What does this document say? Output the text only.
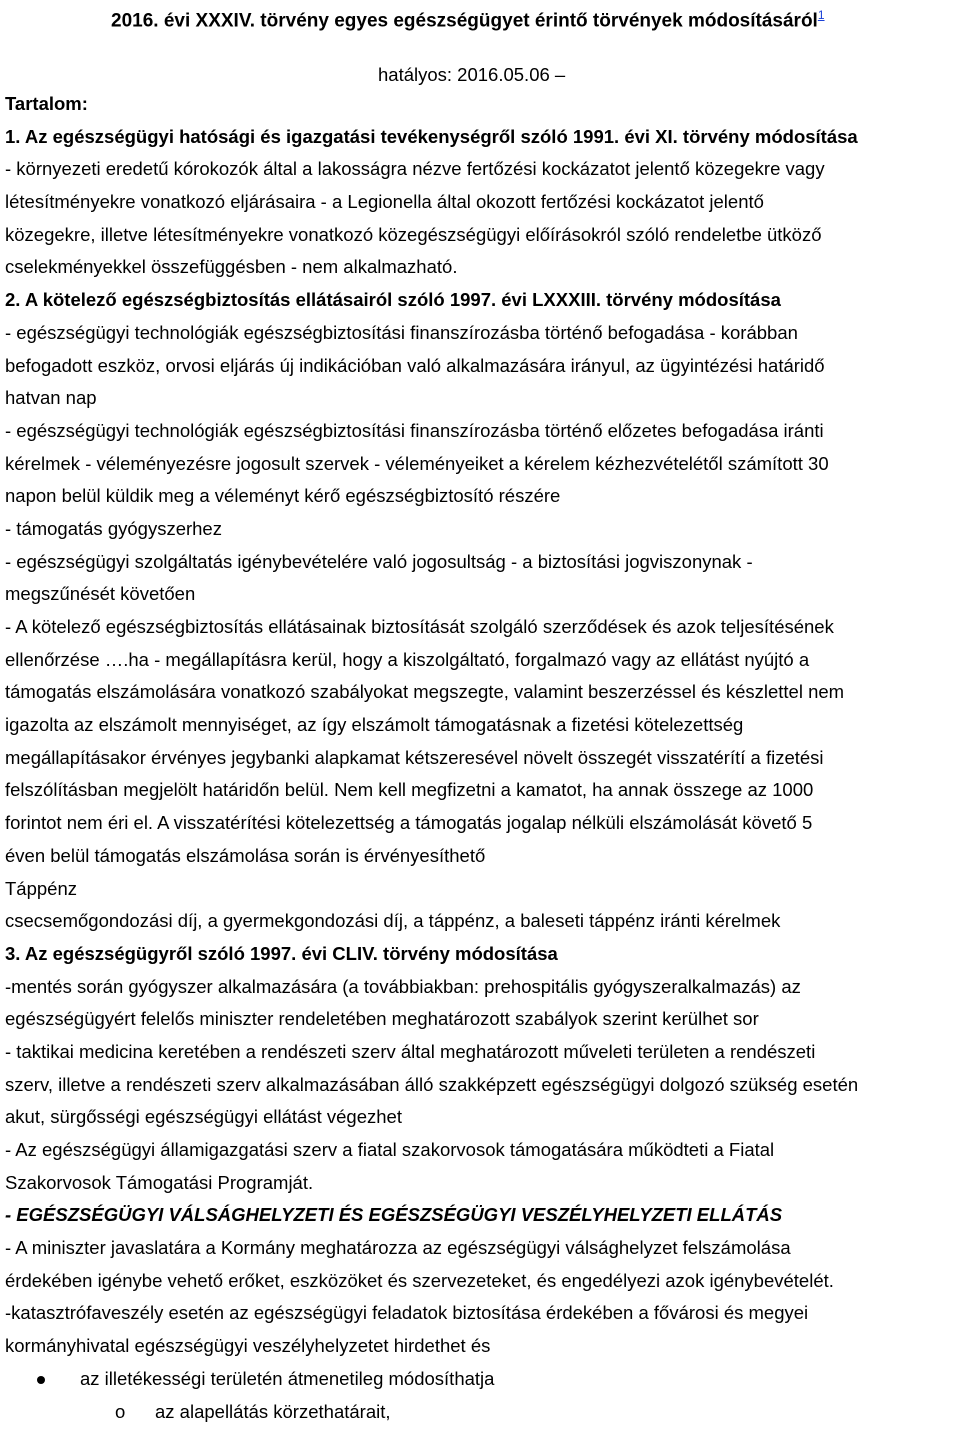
2016. évi XXXIV. törvény egyes egészségügyet érintő törvények módosításáról$^1$
hatályos: 2016.05.06 –
Tartalom:
1. Az egészségügyi hatósági és igazgatási tevékenységről szóló 1991. évi XI. törvény módosítása
- környezeti eredetű kórokozók által a lakosságra nézve fertőzési kockázatot jelentő közegekre vagy
létesítményekre vonatkozó eljárásaira - a Legionella által okozott fertőzési kockázatot jelentő
közegekre, illetve létesítményekre vonatkozó közegészségügyi előírásokról szóló rendeletbe ütköző
cselekményekkel összefüggésben - nem alkalmazható.
2. A kötelező egészségbiztosítás ellátásairól szóló 1997. évi LXXXIII. törvény módosítása
- egészségügyi technológiák egészségbiztosítási finanszírozásba történő befogadása - korábban
befogadott eszköz, orvosi eljárás új indikációban való alkalmazására irányul, az ügyintézési határidő
hatvan nap
- egészségügyi technológiák egészségbiztosítási finanszírozásba történő előzetes befogadása iránti
kérelmek - véleményezésre jogosult szervek - véleményeiket a kérelem kézhezvételétől számított 30
napon belül küldik meg a véleményt kérő egészségbiztosító részére
- támogatás gyógyszerhez
- egészségügyi szolgáltatás igénybevételére való jogosultság - a biztosítási jogviszonynak -
megszűnését követően
- A kötelező egészségbiztosítás ellátásainak biztosítását szolgáló szerződések és azok teljesítésének
ellenőrzése ….ha - megállapításra kerül, hogy a kiszolgáltató, forgalmazó vagy az ellátást nyújtó a
támogatás elszámolására vonatkozó szabályokat megszegte, valamint beszerzéssel és készlettel nem
igazolta az elszámolt mennyiséget, az így elszámolt támogatásnak a fizetési kötelezettség
megállapításakor érvényes jegybanki alapkamat kétszeresével növelt összegét visszatérítí a fizetési
felszólításban megjelölt határidőn belül. Nem kell megfizetni a kamatot, ha annak összege az 1000
forintot nem éri el. A visszatérítési kötelezettség a támogatás jogalap nélküli elszámolását követő 5
éven belül támogatás elszámolása során is érvényesíthető
Táppénz
csecsemőgondozási díj, a gyermekgondozási díj, a táppénz, a baleseti táppénz iránti kérelmek
3. Az egészségügyről szóló 1997. évi CLIV. törvény módosítása
-mentés során gyógyszer alkalmazására (a továbbiakban: prehospitális gyógyszeralkalmazás) az
egészségügyért felelős miniszter rendeletében meghatározott szabályok szerint kerülhet sor
- taktikai medicina keretében a rendészeti szerv által meghatározott műveleti területen a rendészeti
szerv, illetve a rendészeti szerv alkalmazásában álló szakképzett egészségügyi dolgozó szükség esetén
akut, sürgősségi egészségügyi ellátást végezhet
- Az egészségügyi államigazgatási szerv a fiatal szakorvosok támogatására működteti a Fiatal
Szakorvosok Támogatási Programját.
- EGÉSZSÉGÜGYI VÁLSÁGHELYZETI ÉS EGÉSZSÉGÜGYI VESZÉLYHELYZETI ELLÁTÁS
- A miniszter javaslatára a Kormány meghatározza az egészségügyi válsághelyzet felszámolása
érdekében igénybe vehető erőket, eszközöket és szervezeteket, és engedélyezi azok igénybevételét.
-katasztrófaveszély esetén az egészségügyi feladatok biztosítása érdekében a fővárosi és megyei
kormányhivatal egészségügyi veszélyhelyzetet hirdethet és
az illetékességi területén átmenetileg módosíthatja
o az alapellátás körzethatárait,
